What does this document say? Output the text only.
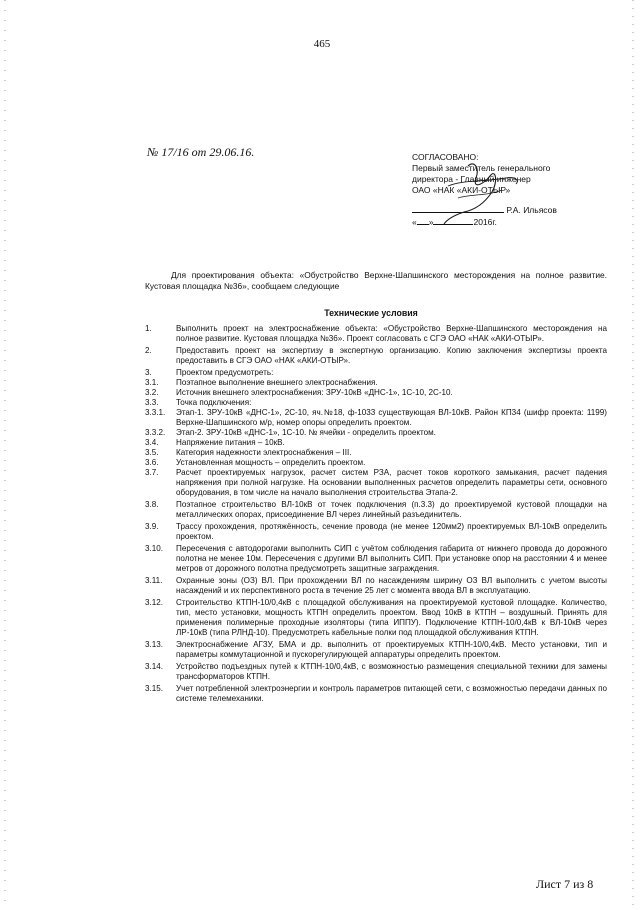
465
№ 17/16 от 29.06.16.	СОГЛАСОВАНО:
Первый заместитель генерального
директора - Главный инженер
ОАО «НАК «АКИ-ОТЫР»
Р.А. Ильясов
« »	2016г.

Для проектирования объекта: «Обустройство Верхне-Шапшинского месторождения на полное развитие. Кустовая площадка №36», сообщаем следующие

Технические условия
1.	Выполнить проект на электроснабжение объекта: «Обустройство Верхне-Шапшинского месторождения на полное развитие. Кустовая площадка №36». Проект согласовать с СГЭ ОАО «НАК «АКИ-ОТЫР».
2.	Предоставить проект на экспертизу в экспертную организацию. Копию заключения экспертизы проекта предоставить в СГЭ ОАО «НАК «АКИ-ОТЫР».
3.	Проектом предусмотреть:
3.1.	Поэтапное выполнение внешнего электроснабжения.
3.2.	Источник внешнего электроснабжения: ЗРУ-10кВ «ДНС-1», 1С-10, 2С-10.
3.3.	Точка подключения:
3.3.1.	Этап-1. ЗРУ-10кВ «ДНС-1», 2С-10, яч.№18, ф-1033 существующая ВЛ-10кВ. Район КП34 (шифр проекта: 1199) Верхне-Шапшинского м/р, номер опоры определить проектом.
3.3.2.	Этап-2. ЗРУ-10кВ «ДНС-1», 1С-10. № ячейки - определить проектом.
3.4.	Напряжение питания – 10кВ.
3.5.	Категория надежности электроснабжения – III.
3.6.	Установленная мощность – определить проектом.
3.7.	Расчет проектируемых нагрузок, расчет систем РЗА, расчет токов короткого замыкания, расчет падения напряжения при полной нагрузке. На основании выполненных расчетов определить параметры сети, основного оборудования, в том числе на начало выполнения строительства Этапа-2.
3.8.	Поэтапное строительство ВЛ-10кВ от точек подключения (п.3.3) до проектируемой кустовой площадки на металлических опорах, присоединение ВЛ через линейный разъединитель.
3.9.	Трассу прохождения, протяжённость, сечение провода (не менее 120мм2) проектируемых ВЛ-10кВ определить проектом.
3.10.	Пересечения с автодорогами выполнить СИП с учётом соблюдения габарита от нижнего провода до дорожного полотна не менее 10м. Пересечения с другими ВЛ выполнить СИП. При установке опор на расстоянии 4 и менее метров от дорожного полотна предусмотреть защитные заграждения.
3.11.	Охранные зоны (ОЗ) ВЛ. При прохождении ВЛ по насаждениям ширину ОЗ ВЛ выполнить с учетом высоты насаждений и их перспективного роста в течение 25 лет с момента ввода ВЛ в эксплуатацию.
3.12.	Строительство КТПН-10/0,4кВ с площадкой обслуживания на проектируемой кустовой площадке. Количество, тип, место установки, мощность КТПН определить проектом. Ввод 10кВ в КТПН – воздушный. Принять для применения полимерные проходные изоляторы (типа ИППУ). Подключение КТПН-10/0,4кВ к ВЛ-10кВ через ЛР-10кВ (типа РЛНД-10). Предусмотреть кабельные полки под площадкой обслуживания КТПН.
3.13.	Электроснабжение АГЗУ, БМА и др. выполнить от проектируемых КТПН-10/0,4кВ. Место установки, тип и параметры коммутационной и пускорегулирующей аппаратуры определить проектом.
3.14.	Устройство подъездных путей к КТПН-10/0,4кВ, с возможностью размещения специальной техники для замены трансформаторов КТПН.
3.15.	Учет потребленной электроэнергии и контроль параметров питающей сети, с возможностью передачи данных по системе телемеханики.
Лист 7 из 8
